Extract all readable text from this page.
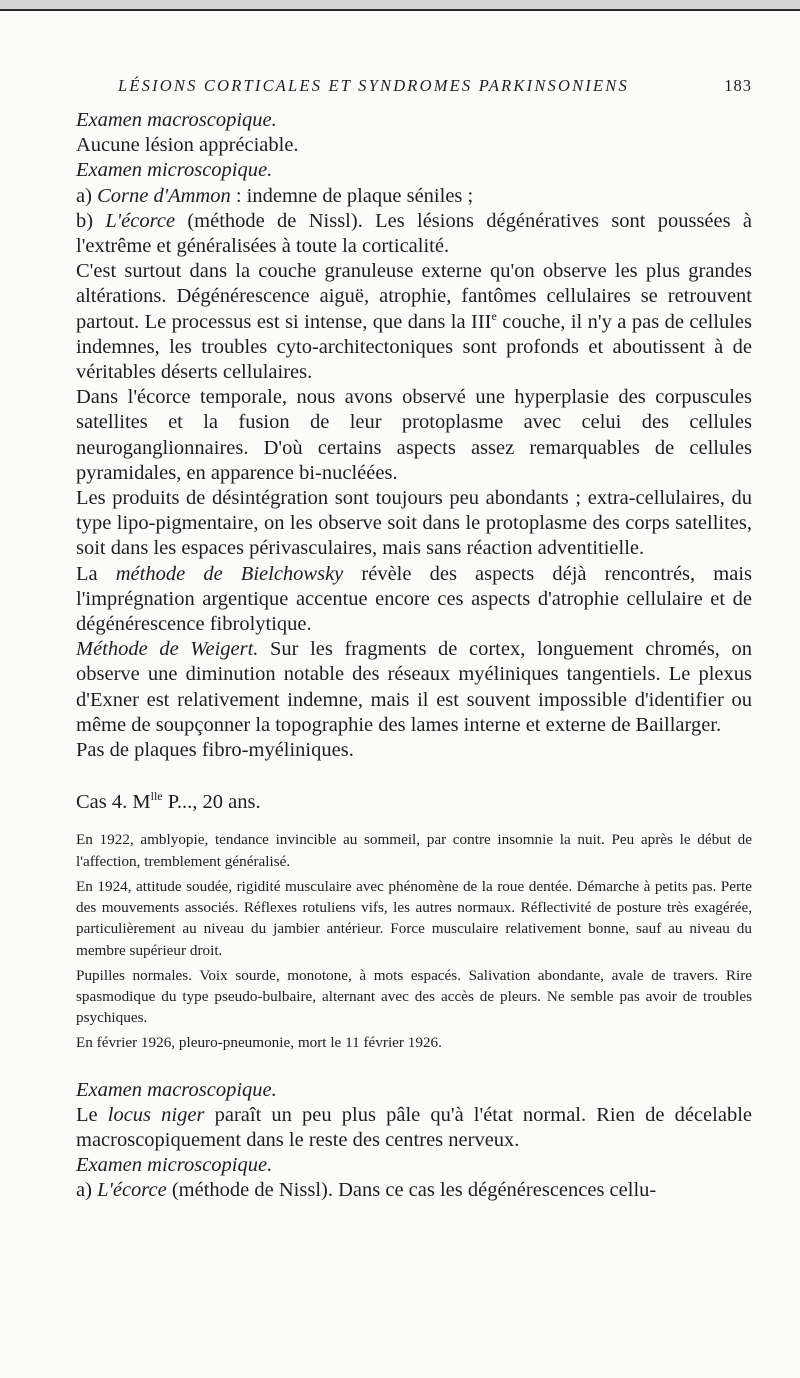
LÉSIONS CORTICALES ET SYNDROMES PARKINSONIENS	183

Examen macroscopique.

Aucune lésion appréciable.

Examen microscopique.

a) Corne d'Ammon : indemne de plaque séniles ;

b) L'écorce (méthode de Nissl). Les lésions dégénératives sont poussées à l'extrême et généralisées à toute la corticalité.

C'est surtout dans la couche granuleuse externe qu'on observe les plus grandes altérations. Dégénérescence aiguë, atrophie, fantômes cellulaires se retrouvent partout. Le processus est si intense, que dans la IIIe couche, il n'y a pas de cellules indemnes, les troubles cyto-architectoniques sont profonds et aboutissent à de véritables déserts cellulaires.

Dans l'écorce temporale, nous avons observé une hyperplasie des corpuscules satellites et la fusion de leur protoplasme avec celui des cellules neuroganglionnaires. D'où certains aspects assez remarquables de cellules pyramidales, en apparence bi-nucléées.

Les produits de désintégration sont toujours peu abondants ; extra-cellulaires, du type lipo-pigmentaire, on les observe soit dans le protoplasme des corps satellites, soit dans les espaces périvasculaires, mais sans réaction adventitielle.

La méthode de Bielchowsky révèle des aspects déjà rencontrés, mais l'imprégnation argentique accentue encore ces aspects d'atrophie cellulaire et de dégénérescence fibrolytique.

Méthode de Weigert. Sur les fragments de cortex, longuement chromés, on observe une diminution notable des réseaux myéliniques tangentiels. Le plexus d'Exner est relativement indemne, mais il est souvent impossible d'identifier ou même de soupçonner la topographie des lames interne et externe de Baillarger.

Pas de plaques fibro-myéliniques.

Cas 4. $M^{lle}$ P..., 20 ans.

En 1922, amblyopie, tendance invincible au sommeil, par contre insomnie la nuit. Peu après le début de l'affection, tremblement généralisé.

En 1924, attitude soudée, rigidité musculaire avec phénomène de la roue dentée. Démarche à petits pas. Perte des mouvements associés. Réflexes rotuliens vifs, les autres normaux. Réflectivité de posture très exagérée, particulièrement au niveau du jambier antérieur. Force musculaire relativement bonne, sauf au niveau du membre supérieur droit.

Pupilles normales. Voix sourde, monotone, à mots espacés. Salivation abondante, avale de travers. Rire spasmodique du type pseudo-bulbaire, alternant avec des accès de pleurs. Ne semble pas avoir de troubles psychiques.

En février 1926, pleuro-pneumonie, mort le 11 février 1926.

Examen macroscopique.

Le locus niger paraît un peu plus pâle qu'à l'état normal. Rien de décelable macroscopiquement dans le reste des centres nerveux.

Examen microscopique.

a) L'écorce (méthode de Nissl). Dans ce cas les dégénérescences cellu-
